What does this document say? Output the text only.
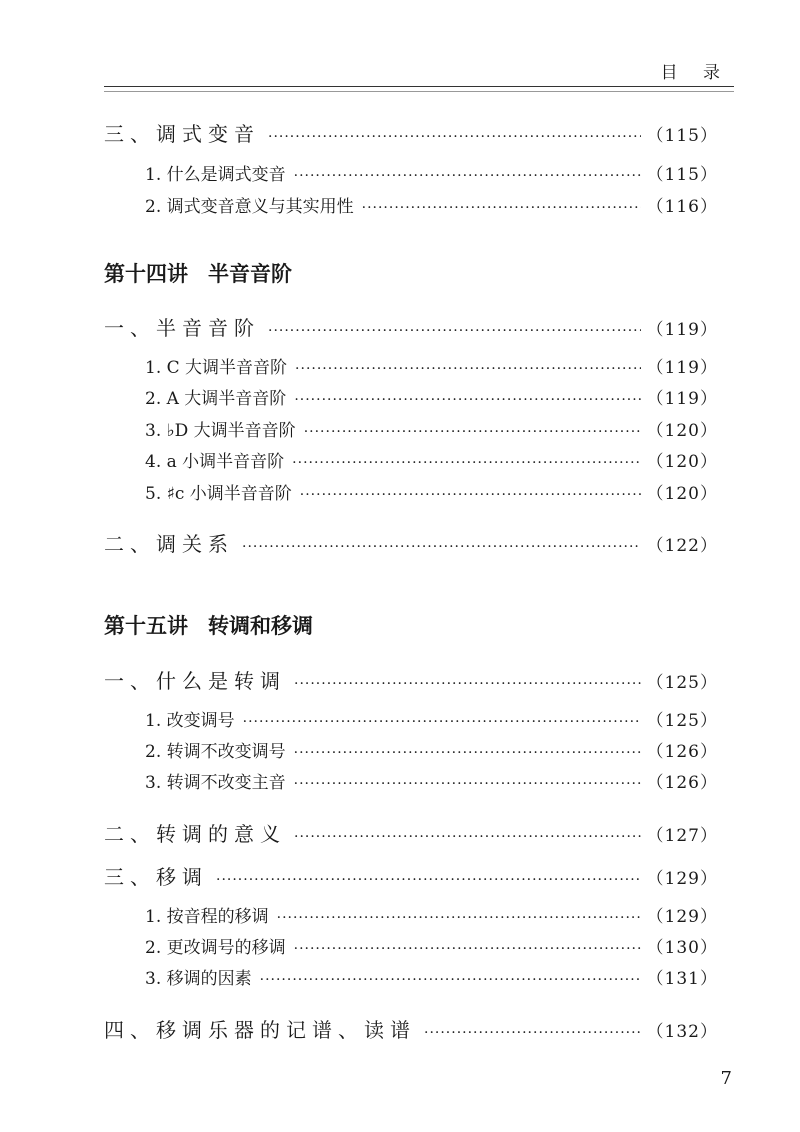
目 录
三、调式变音 ·····	（115）
1. 什么是调式变音 ·····	（115）
2. 调式变音意义与其实用性 ·····	（116）
第十四讲 半音音阶
一、半音音阶 ·····	（119）
1. C 大调半音音阶 ·····	（119）
2. A 大调半音音阶 ·····	（119）
3. ♭D 大调半音音阶 ·····	（120）
4. a 小调半音音阶 ·····	（120）
5. ♯c 小调半音音阶 ·····	（120）
二、调关系 ·····	（122）
第十五讲 转调和移调
一、什么是转调 ·····	（125）
1. 改变调号 ·····	（125）
2. 转调不改变调号 ·····	（126）
3. 转调不改变主音 ·····	（126）
二、转调的意义 ·····	（127）
三、移调 ·····	（129）
1. 按音程的移调 ·····	（129）
2. 更改调号的移调 ·····	（130）
3. 移调的因素 ·····	（131）
四、移调乐器的记谱、读谱 ·····	（132）
7
